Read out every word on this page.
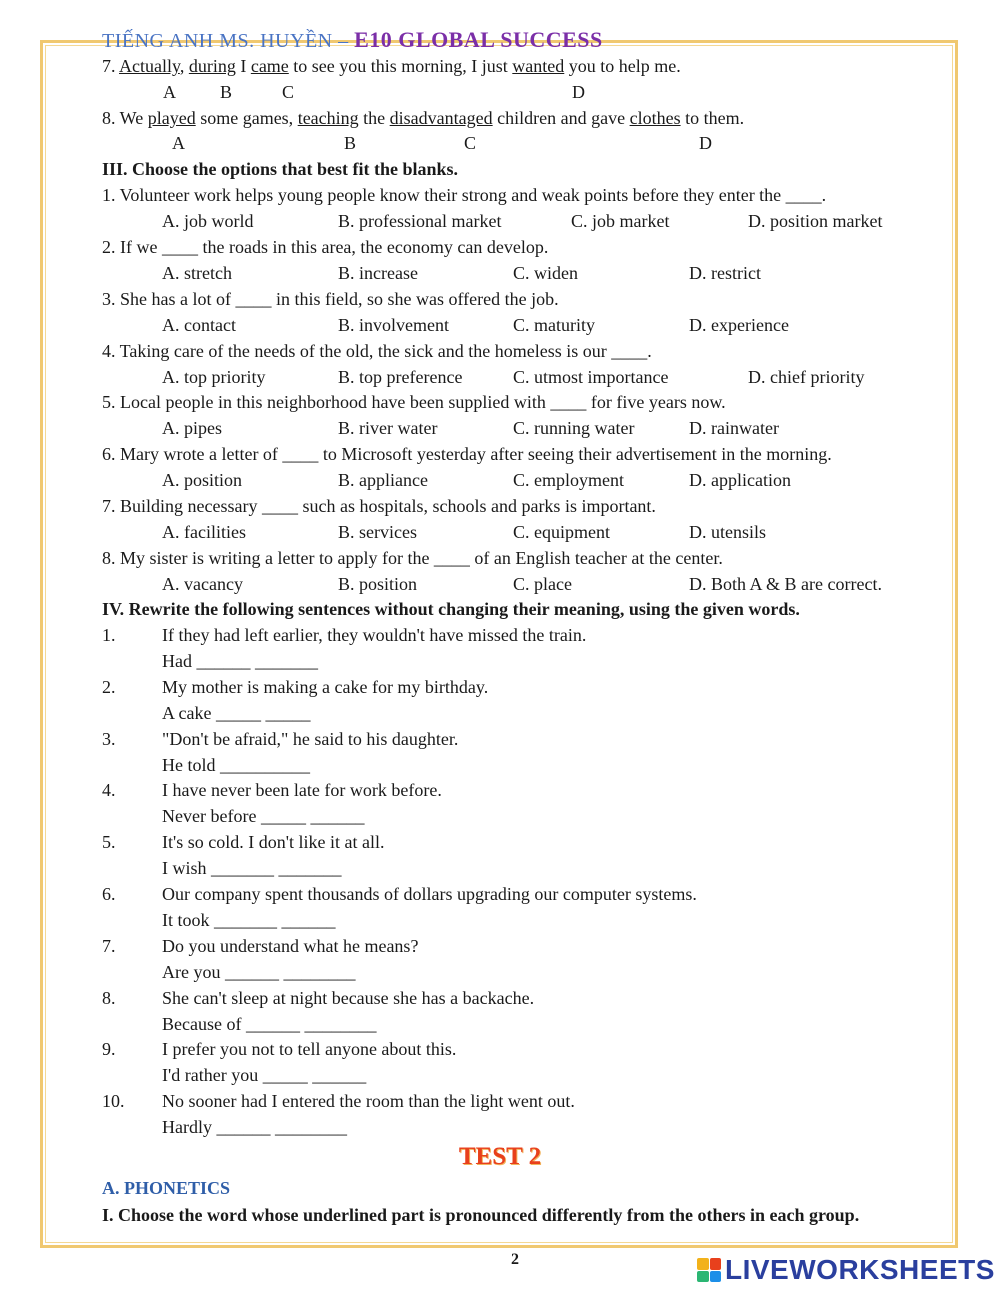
TIẾNG ANH MS. HUYỀN – E10 GLOBAL SUCCESS
7. Actually, during I came to see you this morning, I just wanted you to help me.
A B	C	D
8. We played some games, teaching the disadvantaged children and gave clothes to them.
A	B	C	D
III. Choose the options that best fit the blanks.
1. Volunteer work helps young people know their strong and weak points before they enter the ____.
A. job world	B. professional market	C. job market	D. position market
2. If we ____ the roads in this area, the economy can develop.
A. stretch	B. increase	C. widen	D. restrict
3. She has a lot of ____ in this field, so she was offered the job.
A. contact	B. involvement	C. maturity	D. experience
4. Taking care of the needs of the old, the sick and the homeless is our ____.
A. top priority	B. top preference	C. utmost importance	D. chief priority
5. Local people in this neighborhood have been supplied with ____ for five years now.
A. pipes	B. river water	C. running water	D. rainwater
6. Mary wrote a letter of ____ to Microsoft yesterday after seeing their advertisement in the morning.
A. position	B. appliance	C. employment	D. application
7. Building necessary ____ such as hospitals, schools and parks is important.
A. facilities	B. services	C. equipment	D. utensils
8. My sister is writing a letter to apply for the ____ of an English teacher at the center.
A. vacancy	B. position	C. place	D. Both A & B are correct.
IV. Rewrite the following sentences without changing their meaning, using the given words.
1.	If they had left earlier, they wouldn't have missed the train.
Had ______ _______
2.	My mother is making a cake for my birthday.
A cake _____ _____
3.	"Don't be afraid," he said to his daughter.
He told __________
4.	I have never been late for work before.
Never before _____ ______
5.	It's so cold. I don't like it at all.
I wish _______ _______
6.	Our company spent thousands of dollars upgrading our computer systems.
It took _______ ______
7.	Do you understand what he means?
Are you ______ ________
8.	She can't sleep at night because she has a backache.
Because of ______ ________
9.	I prefer you not to tell anyone about this.
I'd rather you _____ ______
10. No sooner had I entered the room than the light went out.
Hardly ______ ________
TEST 2
A. PHONETICS
I. Choose the word whose underlined part is pronounced differently from the others in each group.
2	LIVEWORKSHEETS
